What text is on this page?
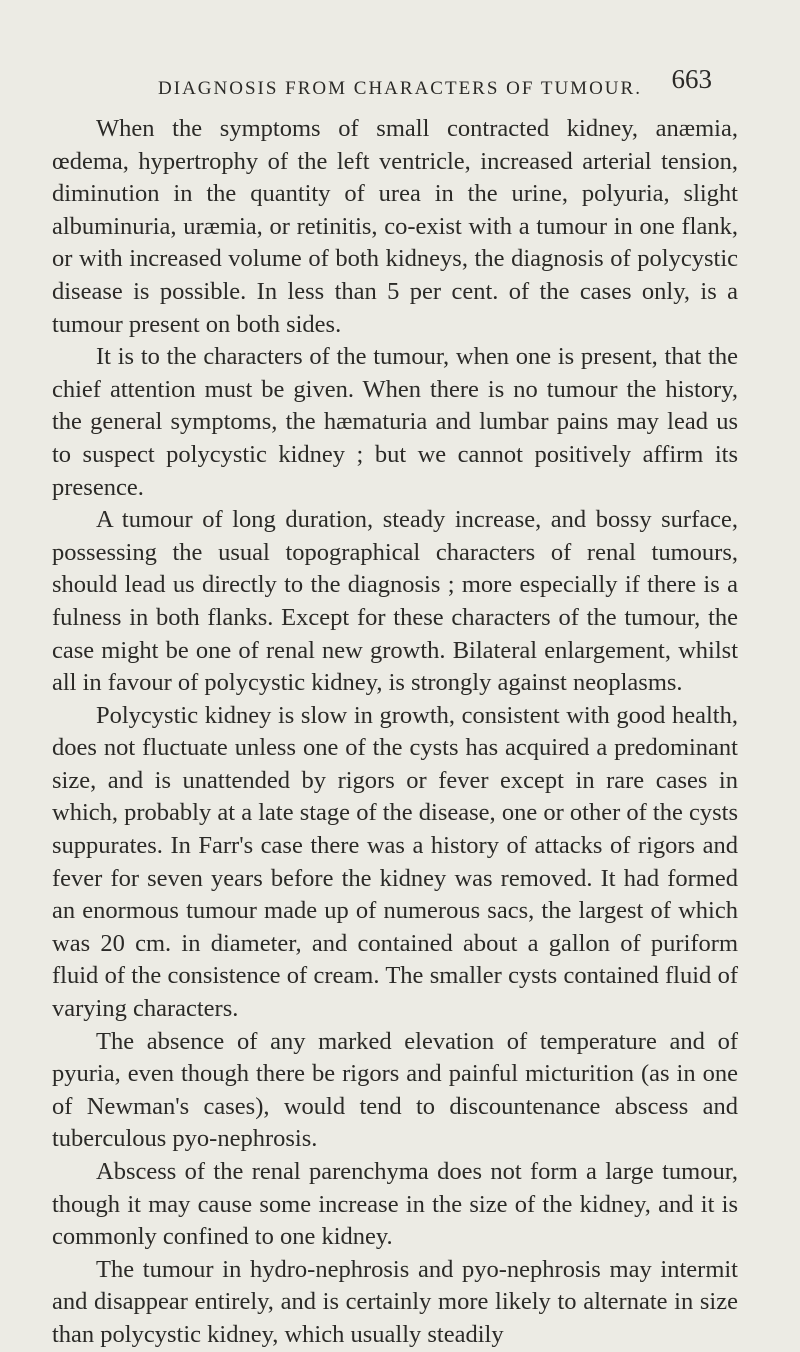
DIAGNOSIS FROM CHARACTERS OF TUMOUR.	663

When the symptoms of small contracted kidney, anæmia, œdema, hypertrophy of the left ventricle, increased arterial tension, diminution in the quantity of urea in the urine, polyuria, slight albuminuria, uræmia, or retinitis, co-exist with a tumour in one flank, or with increased volume of both kidneys, the diagnosis of polycystic disease is possible. In less than 5 per cent. of the cases only, is a tumour present on both sides.

It is to the characters of the tumour, when one is present, that the chief attention must be given. When there is no tumour the history, the general symptoms, the hæmaturia and lumbar pains may lead us to suspect polycystic kidney ; but we cannot positively affirm its presence.

A tumour of long duration, steady increase, and bossy surface, possessing the usual topographical characters of renal tumours, should lead us directly to the diagnosis ; more especially if there is a fulness in both flanks. Except for these characters of the tumour, the case might be one of renal new growth. Bilateral enlargement, whilst all in favour of polycystic kidney, is strongly against neoplasms.

Polycystic kidney is slow in growth, consistent with good health, does not fluctuate unless one of the cysts has acquired a predominant size, and is unattended by rigors or fever except in rare cases in which, probably at a late stage of the disease, one or other of the cysts suppurates. In Farr's case there was a history of attacks of rigors and fever for seven years before the kidney was removed. It had formed an enormous tumour made up of numerous sacs, the largest of which was 20 cm. in diameter, and contained about a gallon of puriform fluid of the consistence of cream. The smaller cysts contained fluid of varying characters.

The absence of any marked elevation of temperature and of pyuria, even though there be rigors and painful micturition (as in one of Newman's cases), would tend to discountenance abscess and tuberculous pyo-nephrosis.

Abscess of the renal parenchyma does not form a large tumour, though it may cause some increase in the size of the kidney, and it is commonly confined to one kidney.

The tumour in hydro-nephrosis and pyo-nephrosis may intermit and disappear entirely, and is certainly more likely to alternate in size than polycystic kidney, which usually steadily
